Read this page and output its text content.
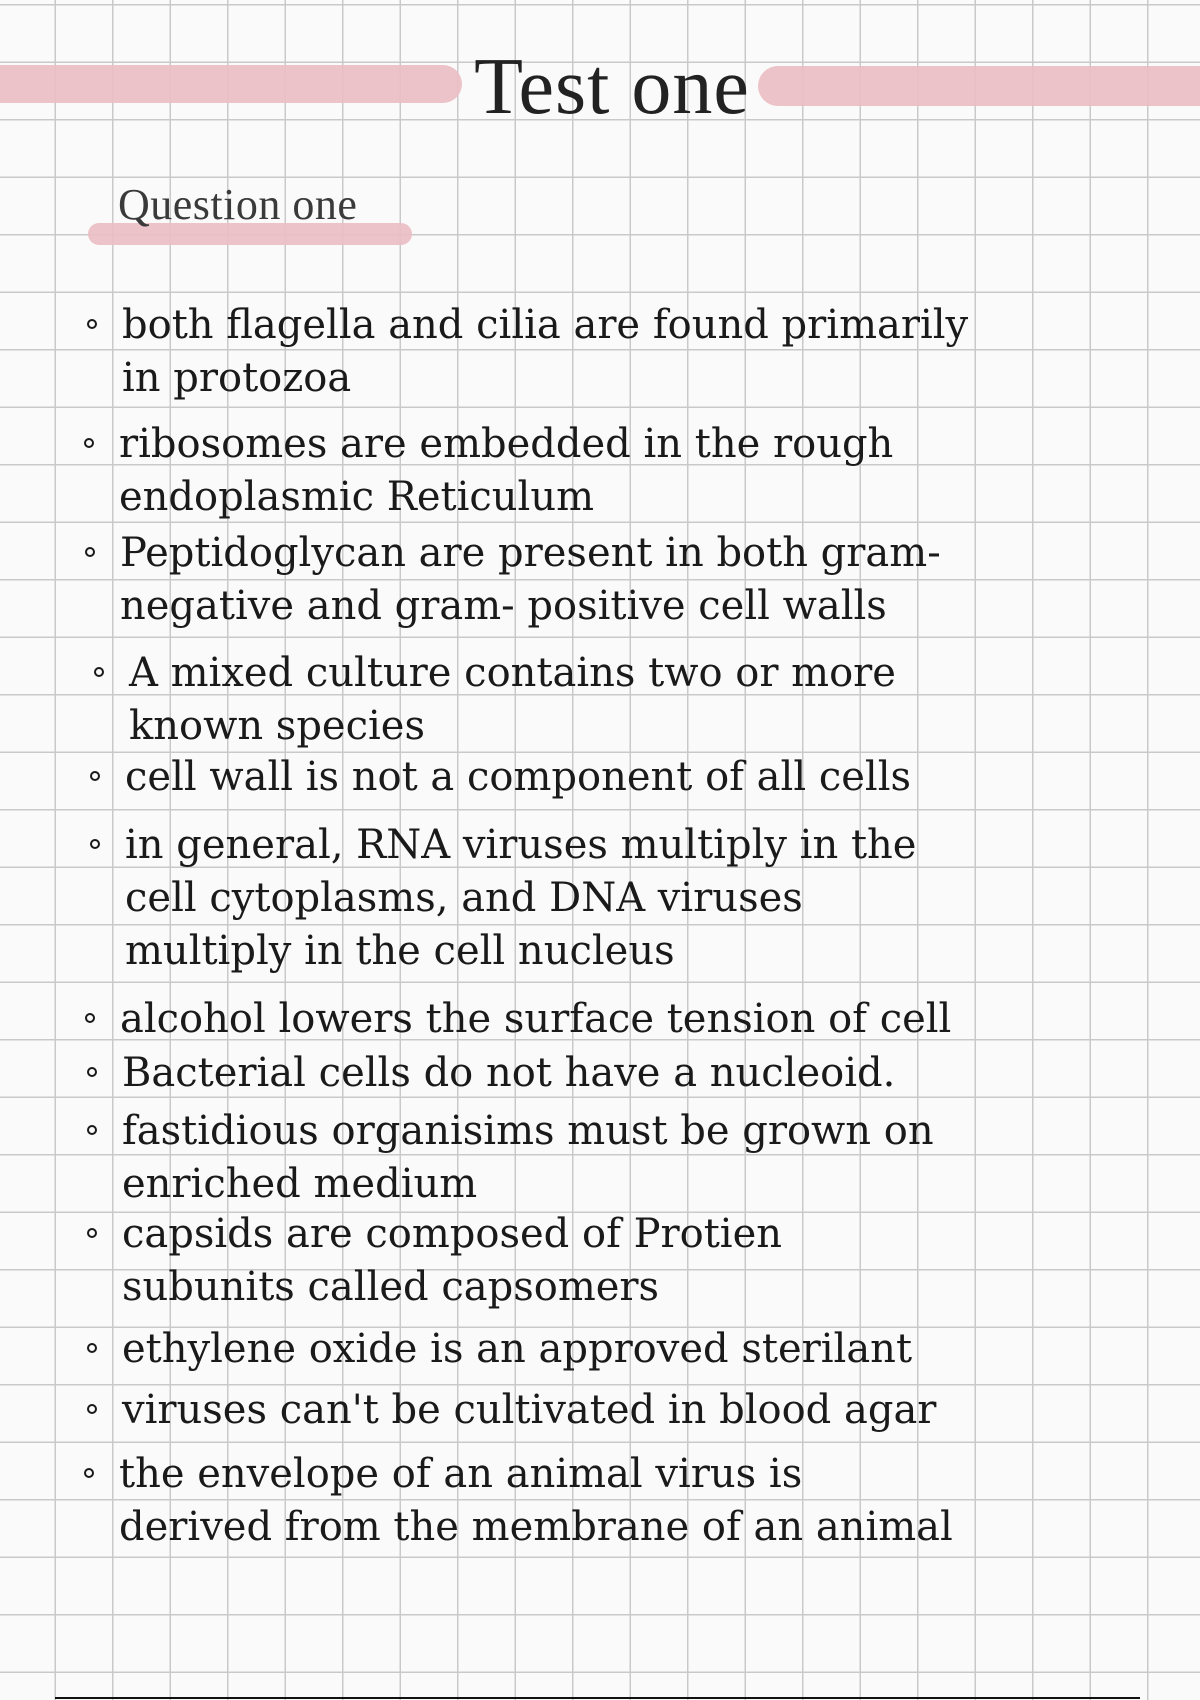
Test one
Question one
both flagella and cilia are found primarily
in protozoa
ribosomes are embedded in the rough
endoplasmic Reticulum
Peptidoglycan are present in both gram-
negative and gram- positive cell walls
A mixed culture contains two or more
known species
cell wall is not a component of all cells
in general, RNA viruses multiply in the
cell cytoplasms, and DNA viruses
multiply in the cell nucleus
alcohol lowers the surface tension of cell
Bacterial cells do not have a nucleoid.
fastidious organisims must be grown on
enriched medium
capsids are composed of Protien
subunits called capsomers
ethylene oxide is an approved sterilant
viruses can't be cultivated in blood agar
the envelope of an animal virus is
derived from the membrane of an animal
